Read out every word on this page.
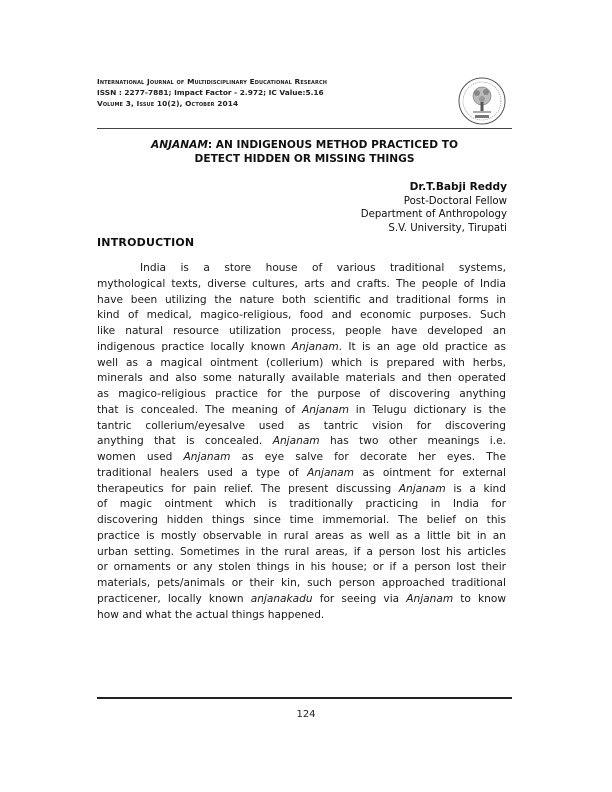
International Journal of Multidisciplinary Educational Research
ISSN : 2277-7881; Impact Factor - 2.972; IC Value:5.16
Volume 3, Issue 10(2), October 2014
ANJANAM: AN INDIGENOUS METHOD PRACTICED TO
DETECT HIDDEN OR MISSING THINGS
Dr.T.Babji Reddy
Post-Doctoral Fellow
Department of Anthropology
S.V. University, Tirupati
INTRODUCTION
India is a store house of various traditional systems,
mythological texts, diverse cultures, arts and crafts. The people of India
have been utilizing the nature both scientific and traditional forms in
kind of medical, magico-religious, food and economic purposes. Such
like natural resource utilization process, people have developed an
indigenous practice locally known Anjanam. It is an age old practice as
well as a magical ointment (collerium) which is prepared with herbs,
minerals and also some naturally available materials and then operated
as magico-religious practice for the purpose of discovering anything
that is concealed. The meaning of Anjanam in Telugu dictionary is the
tantric collerium/eyesalve used as tantric vision for discovering
anything that is concealed. Anjanam has two other meanings i.e.
women used Anjanam as eye salve for decorate her eyes. The
traditional healers used a type of Anjanam as ointment for external
therapeutics for pain relief. The present discussing Anjanam is a kind
of magic ointment which is traditionally practicing in India for
discovering hidden things since time immemorial. The belief on this
practice is mostly observable in rural areas as well as a little bit in an
urban setting. Sometimes in the rural areas, if a person lost his articles
or ornaments or any stolen things in his house; or if a person lost their
materials, pets/animals or their kin, such person approached traditional
practicener, locally known anjanakadu for seeing via Anjanam to know
how and what the actual things happened.
124
